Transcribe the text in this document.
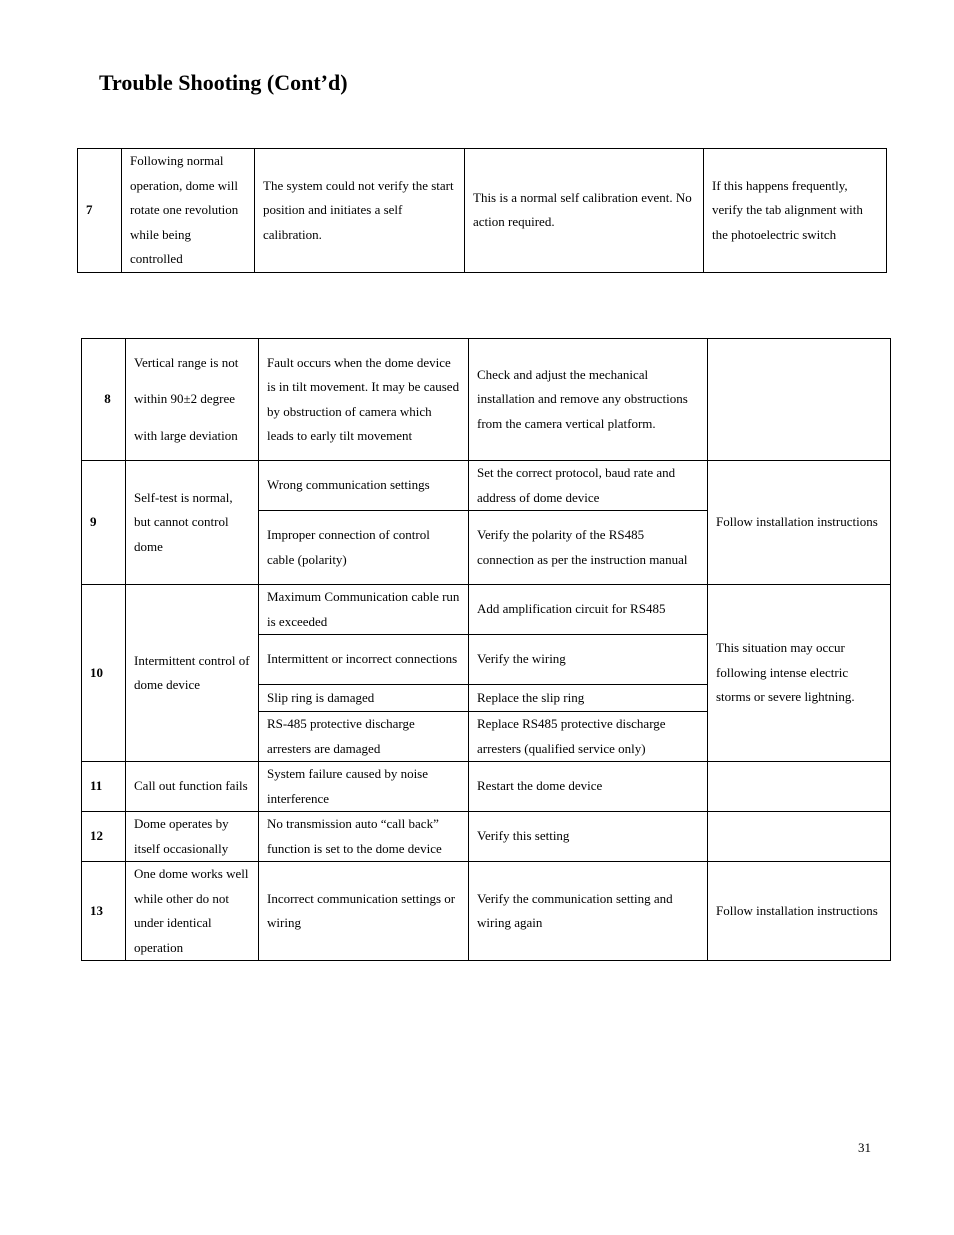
Trouble Shooting (Cont’d)
7	Following normal operation, dome will rotate one revolution while being controlled	The system could not verify the start position and initiates a self calibration.	This is a normal self calibration event. No action required.	If this happens frequently, verify the tab alignment with the photoelectric switch
8	Vertical range is not within 90±2 degree with large deviation	Fault occurs when the dome device is in tilt movement. It may be caused by obstruction of camera which leads to early tilt movement	Check and adjust the mechanical installation and remove any obstructions from the camera vertical platform.	
9	Self-test is normal, but cannot control dome	Wrong communication settings	Set the correct protocol, baud rate and address of dome device	Follow installation instructions
		Improper connection of control cable (polarity)	Verify the polarity of the RS485 connection as per the instruction manual	
10	Intermittent control of dome device	Maximum Communication cable run is exceeded	Add amplification circuit for RS485	This situation may occur following intense electric storms or severe lightning.
		Intermittent or incorrect connections	Verify the wiring	
		Slip ring is damaged	Replace the slip ring	
		RS-485 protective discharge arresters are damaged	Replace RS485 protective discharge arresters (qualified service only)	
11	Call out function fails	System failure caused by noise interference	Restart the dome device	
12	Dome operates by itself occasionally	No transmission auto “call back” function is set to the dome device	Verify this setting	
13	One dome works well while other do not under identical operation	Incorrect communication settings or wiring	Verify the communication setting and wiring again	Follow installation instructions
31
